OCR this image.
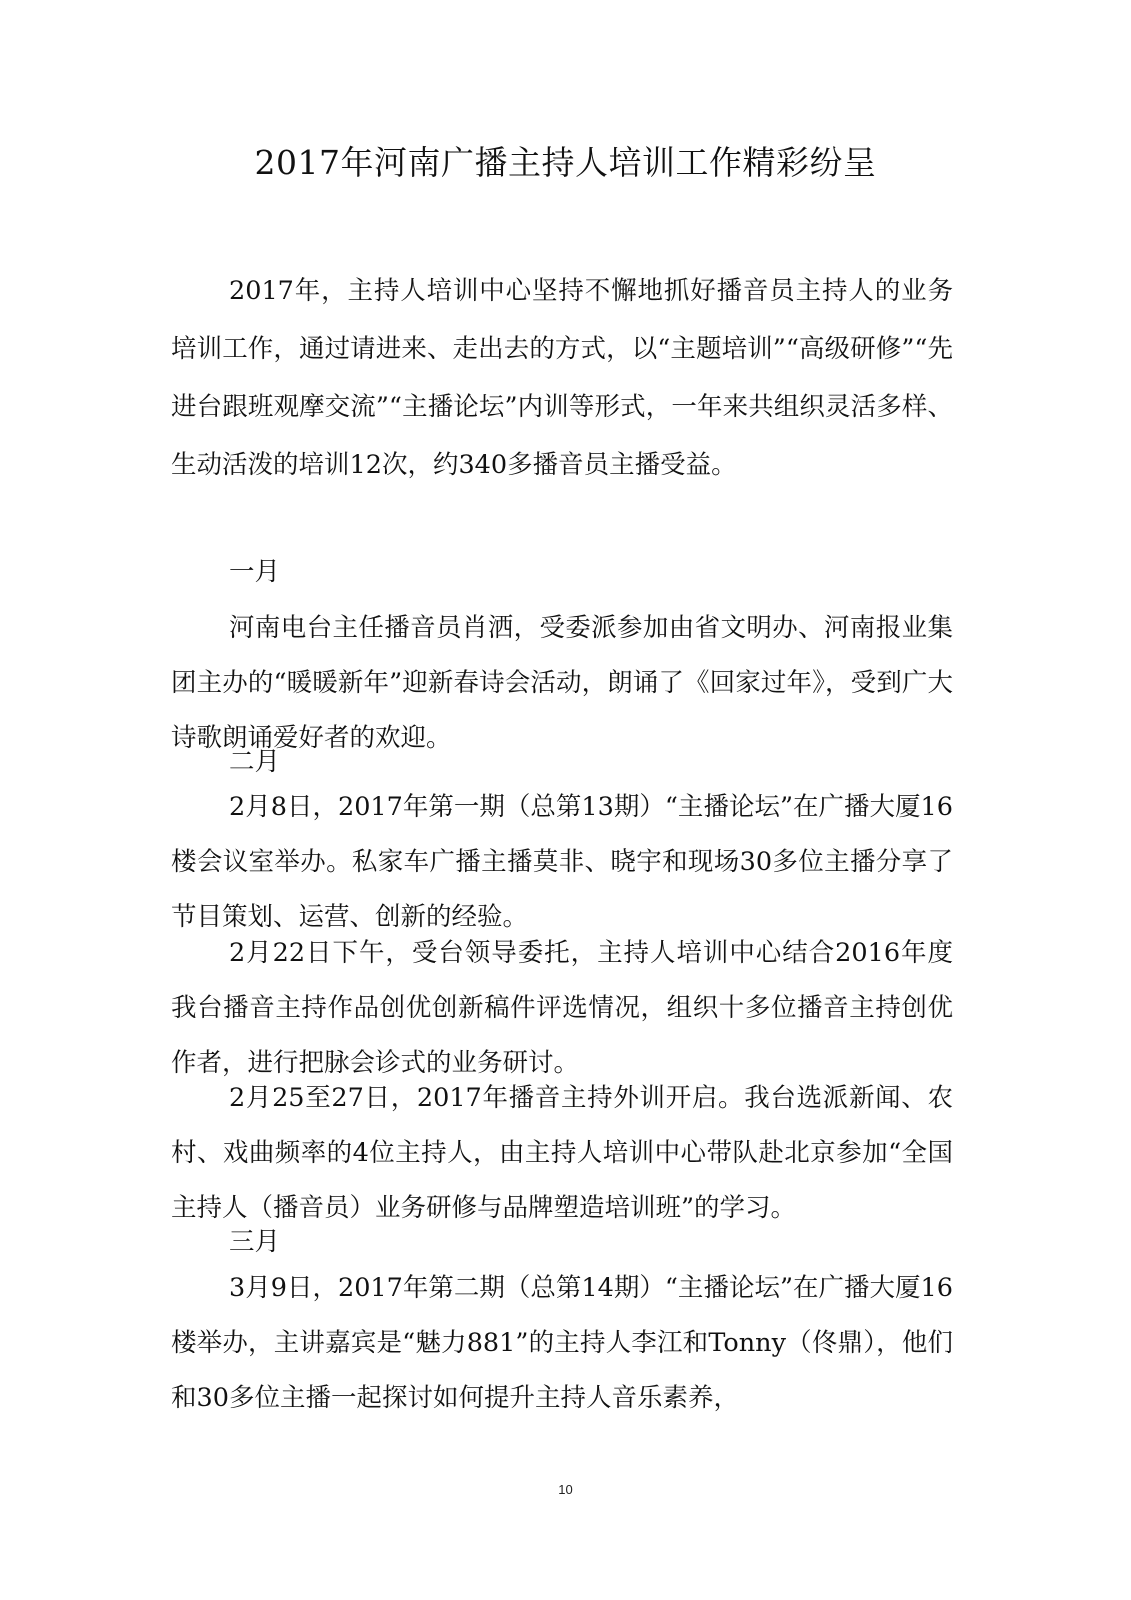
2017年河南广播主持人培训工作精彩纷呈

2017年，主持人培训中心坚持不懈地抓好播音员主持人的业务培训工作，通过请进来、走出去的方式，以“主题培训”“高级研修”“先进台跟班观摩交流”“主播论坛”内训等形式，一年来共组织灵活多样、生动活泼的培训12次，约340多播音员主播受益。

一月

河南电台主任播音员肖洒，受委派参加由省文明办、河南报业集团主办的“暖暖新年”迎新春诗会活动，朗诵了《回家过年》，受到广大诗歌朗诵爱好者的欢迎。

二月

2月8日，2017年第一期（总第13期）“主播论坛”在广播大厦16楼会议室举办。私家车广播主播莫非、晓宇和现场30多位主播分享了节目策划、运营、创新的经验。

2月22日下午，受台领导委托，主持人培训中心结合2016年度我台播音主持作品创优创新稿件评选情况，组织十多位播音主持创优作者，进行把脉会诊式的业务研讨。

2月25至27日，2017年播音主持外训开启。我台选派新闻、农村、戏曲频率的4位主持人，由主持人培训中心带队赴北京参加“全国主持人（播音员）业务研修与品牌塑造培训班”的学习。

三月

3月9日，2017年第二期（总第14期）“主播论坛”在广播大厦16楼举办，主讲嘉宾是“魅力881”的主持人李江和Tonny（佟鼎），他们和30多位主播一起探讨如何提升主持人音乐素养，

10
